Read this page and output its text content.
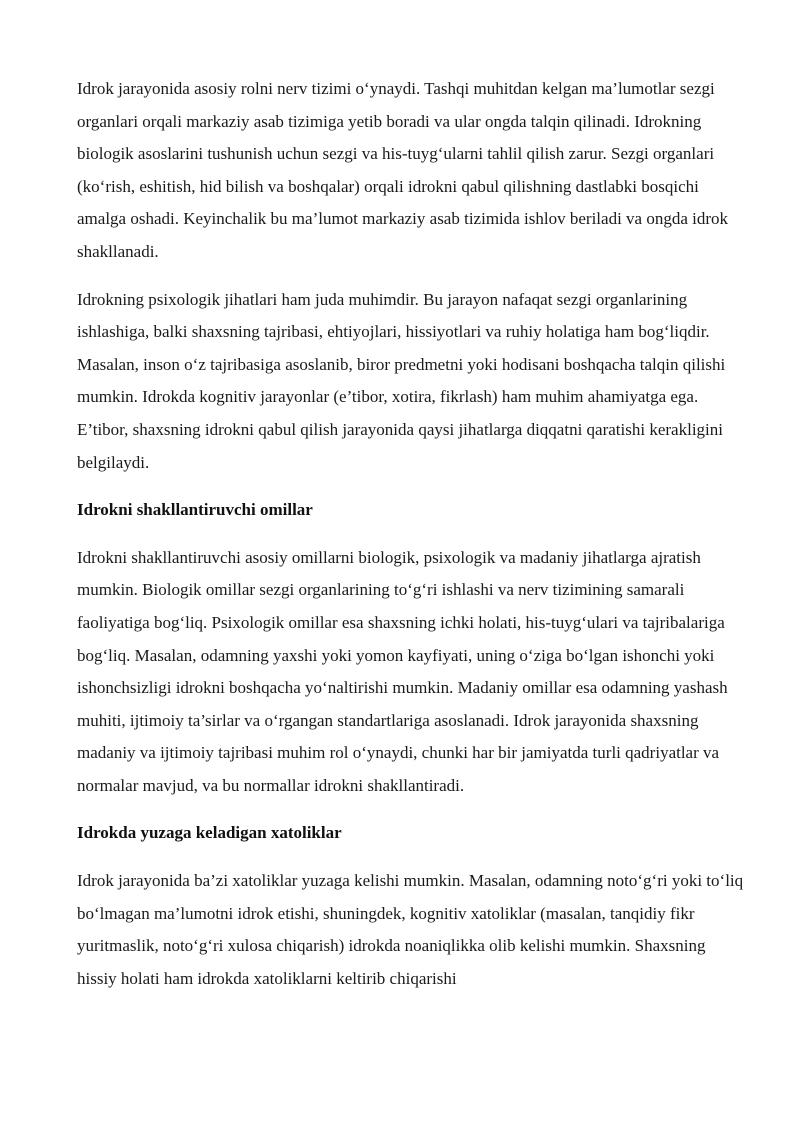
Idrok jarayonida asosiy rolni nerv tizimi o‘ynaydi. Tashqi muhitdan kelgan ma’lumotlar sezgi organlari orqali markaziy asab tizimiga yetib boradi va ular ongda talqin qilinadi. Idrokning biologik asoslarini tushunish uchun sezgi va his-tuyg‘ularni tahlil qilish zarur. Sezgi organlari (ko‘rish, eshitish, hid bilish va boshqalar) orqali idrokni qabul qilishning dastlabki bosqichi amalga oshadi. Keyinchalik bu ma’lumot markaziy asab tizimida ishlov beriladi va ongda idrok shakllanadi.

Idrokning psixologik jihatlari ham juda muhimdir. Bu jarayon nafaqat sezgi organlarining ishlashiga, balki shaxsning tajribasi, ehtiyojlari, hissiyotlari va ruhiy holatiga ham bog‘liqdir. Masalan, inson o‘z tajribasiga asoslanib, biror predmetni yoki hodisani boshqacha talqin qilishi mumkin. Idrokda kognitiv jarayonlar (e’tibor, xotira, fikrlash) ham muhim ahamiyatga ega. E’tibor, shaxsning idrokni qabul qilish jarayonida qaysi jihatlarga diqqatni qaratishi kerakligini belgilaydi.

Idrokni shakllantiruvchi omillar

Idrokni shakllantiruvchi asosiy omillarni biologik, psixologik va madaniy jihatlarga ajratish mumkin. Biologik omillar sezgi organlarining to‘g‘ri ishlashi va nerv tizimining samarali faoliyatiga bog‘liq. Psixologik omillar esa shaxsning ichki holati, his-tuyg‘ulari va tajribalariga bog‘liq. Masalan, odamning yaxshi yoki yomon kayfiyati, uning o‘ziga bo‘lgan ishonchi yoki ishonchsizligi idrokni boshqacha yo‘naltirishi mumkin. Madaniy omillar esa odamning yashash muhiti, ijtimoiy ta’sirlar va o‘rgangan standartlariga asoslanadi. Idrok jarayonida shaxsning madaniy va ijtimoiy tajribasi muhim rol o‘ynaydi, chunki har bir jamiyatda turli qadriyatlar va normalar mavjud, va bu normallar idrokni shakllantiradi.

Idrokda yuzaga keladigan xatoliklar

Idrok jarayonida ba’zi xatoliklar yuzaga kelishi mumkin. Masalan, odamning noto‘g‘ri yoki to‘liq bo‘lmagan ma’lumotni idrok etishi, shuningdek, kognitiv xatoliklar (masalan, tanqidiy fikr yuritmaslik, noto‘g‘ri xulosa chiqarish) idrokda noaniqlikka olib kelishi mumkin. Shaxsning hissiy holati ham idrokda xatoliklarni keltirib chiqarishi
